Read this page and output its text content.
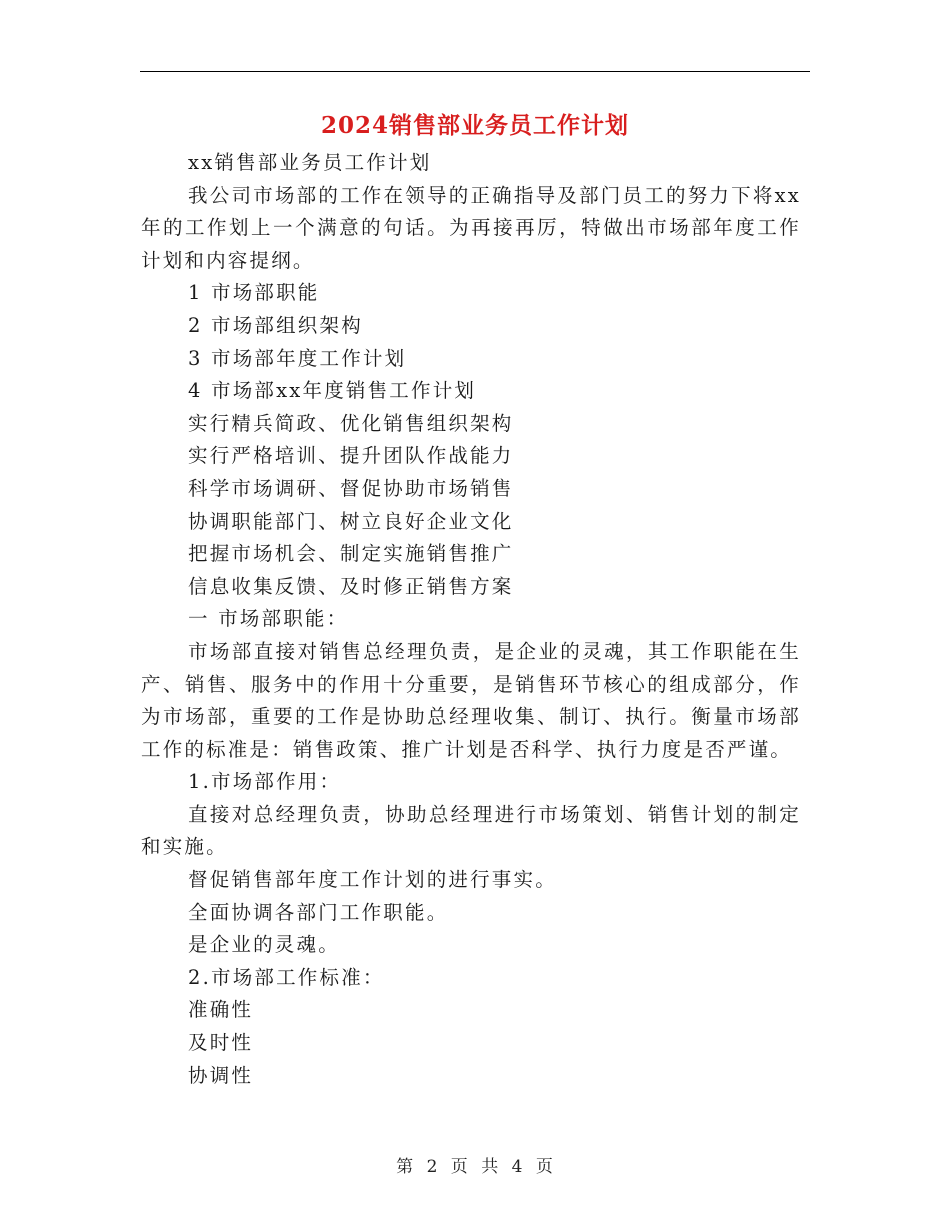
2024销售部业务员工作计划

xx销售部业务员工作计划

我公司市场部的工作在领导的正确指导及部门员工的努力下将xx年的工作划上一个满意的句话。为再接再厉，特做出市场部年度工作计划和内容提纲。

1 市场部职能

2 市场部组织架构

3 市场部年度工作计划

4 市场部xx年度销售工作计划

实行精兵简政、优化销售组织架构

实行严格培训、提升团队作战能力

科学市场调研、督促协助市场销售

协调职能部门、树立良好企业文化

把握市场机会、制定实施销售推广

信息收集反馈、及时修正销售方案

一 市场部职能：

市场部直接对销售总经理负责，是企业的灵魂，其工作职能在生产、销售、服务中的作用十分重要，是销售环节核心的组成部分，作为市场部，重要的工作是协助总经理收集、制订、执行。衡量市场部工作的标准是：销售政策、推广计划是否科学、执行力度是否严谨。

1.市场部作用：

直接对总经理负责，协助总经理进行市场策划、销售计划的制定和实施。

督促销售部年度工作计划的进行事实。

全面协调各部门工作职能。

是企业的灵魂。

2.市场部工作标准：

准确性

及时性

协调性

第 2 页 共 4 页
